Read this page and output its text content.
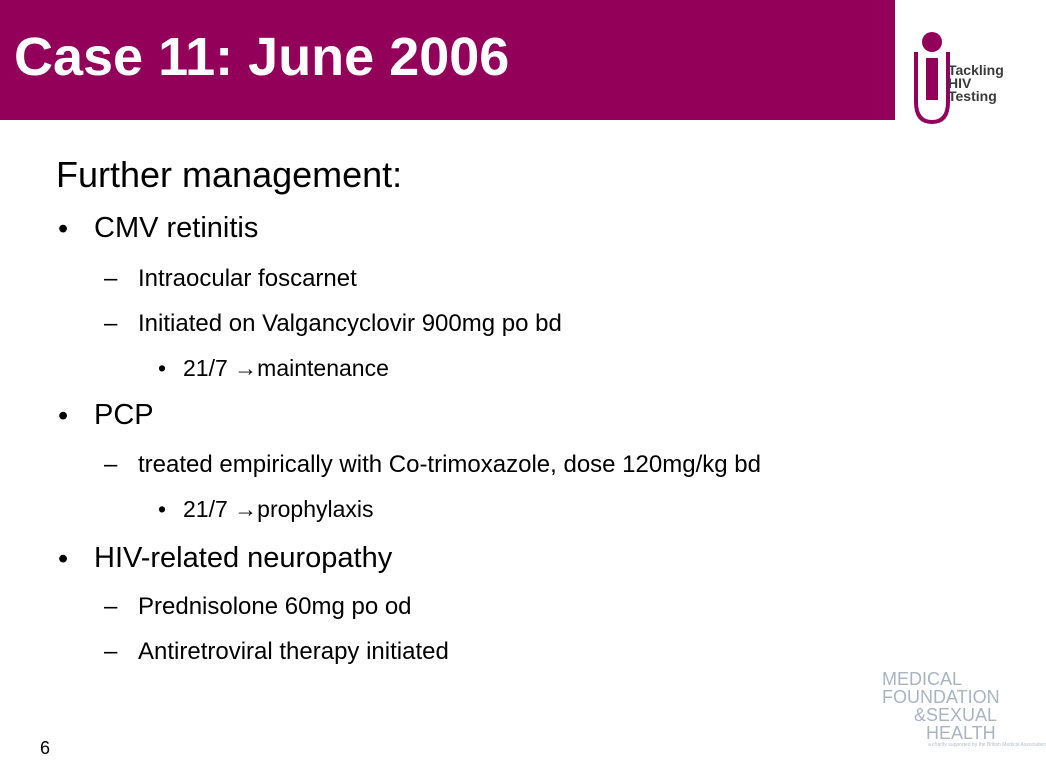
Case 11: June 2006	Tackling
HIV
Testing
Further management:
• CMV retinitis
– Intraocular foscarnet
– Initiated on Valgancyclovir 900mg po bd
• 21/7 →maintenance
• PCP
– treated empirically with Co-trimoxazole, dose 120mg/kg bd
• 21/7 →prophylaxis
• HIV-related neuropathy
– Prednisolone 60mg po od
– Antiretroviral therapy initiated
6
MEDICAL
FOUNDATION
&SEXUAL
HEALTH
a charity supported by the British Medical Association
